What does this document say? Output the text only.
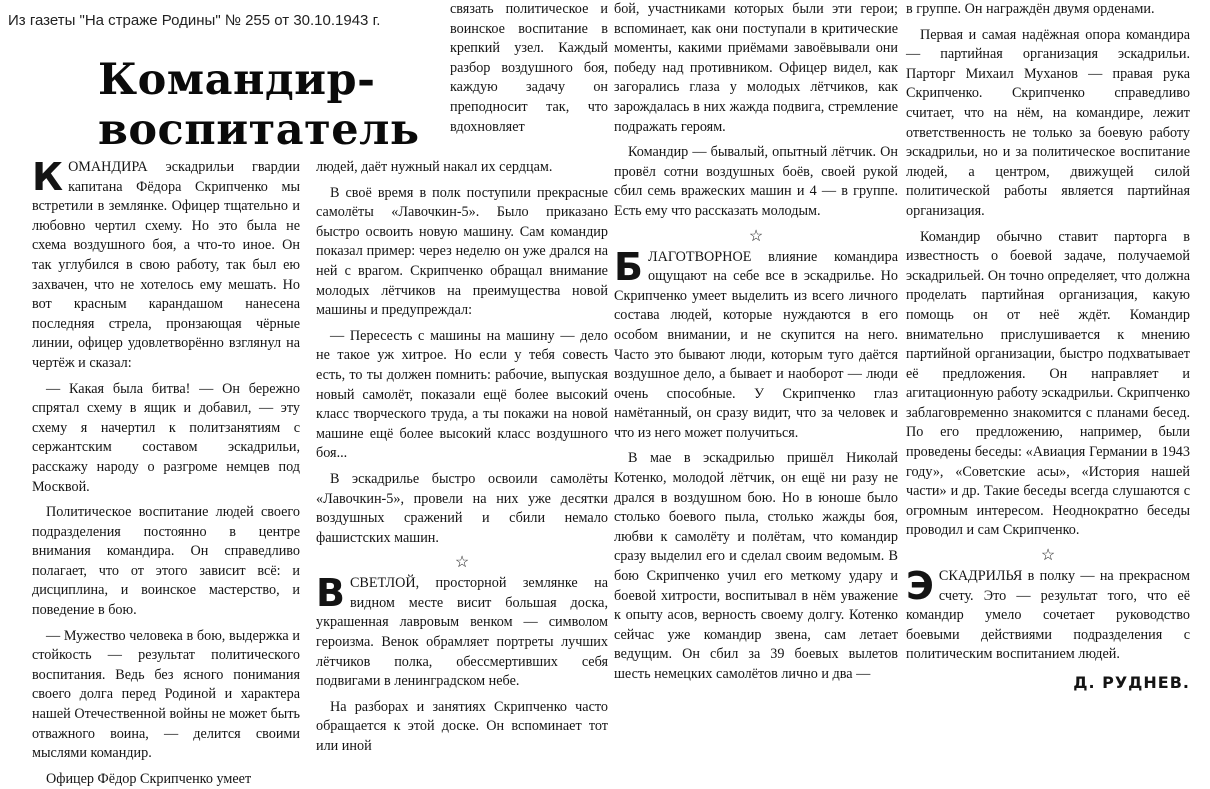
Из газеты "На страже Родины" № 255 от 30.10.1943 г.
Командир-
воспитатель

КОМАНДИРА эскадрильи гвардии капитана Фёдора Скрипченко мы встретили в землянке. Офицер тщательно и любовно чертил схему. Но это была не схема воздушного боя, а что-то иное. Он так углубился в свою работу, так был ею захвачен, что не хотелось ему мешать. Но вот красным карандашом нанесена последняя стрела, пронзающая чёрные линии, офицер удовлетворённо взглянул на чертёж и сказал:

— Какая была битва! — Он бережно спрятал схему в ящик и добавил, — эту схему я начертил к политзанятиям с сержантским составом эскадрильи, расскажу народу о разгроме немцев под Москвой.

Политическое воспитание людей своего подразделения постоянно в центре внимания командира. Он справедливо полагает, что от этого зависит всё: и дисциплина, и воинское мастерство, и поведение в бою.

— Мужество человека в бою, выдержка и стойкость — результат политического воспитания. Ведь без ясного понимания своего долга перед Родиной и характера нашей Отечественной войны не может быть отважного воина, — делится своими мыслями командир.

Офицер Фёдор Скрипченко умеет

связать политическое и воинское воспитание в крепкий узел. Каждый разбор воздушного боя, каждую задачу он преподносит так, что вдохновляет

людей, даёт нужный накал их сердцам.

В своё время в полк поступили прекрасные самолёты «Лавочкин-5». Было приказано быстро освоить новую машину. Сам командир показал пример: через неделю он уже дрался на ней с врагом. Скрипченко обращал внимание молодых лётчиков на преимущества новой машины и предупреждал:

— Пересесть с машины на машину — дело не такое уж хитрое. Но если у тебя совесть есть, то ты должен помнить: рабочие, выпуская новый самолёт, показали ещё более высокий класс творческого труда, а ты покажи на новой машине ещё более высокий класс воздушного боя...

В эскадрилье быстро освоили самолёты «Лавочкин-5», провели на них уже десятки воздушных сражений и сбили немало фашистских машин.

☆

ВСВЕТЛОЙ, просторной землянке на видном месте висит большая доска, украшенная лавровым венком — символом героизма. Венок обрамляет портреты лучших лётчиков полка, обессмертивших себя подвигами в ленинградском небе.

На разборах и занятиях Скрипченко часто обращается к этой доске. Он вспоминает тот или иной

бой, участниками которых были эти герои; вспоминает, как они поступали в критические моменты, какими приёмами завоёвывали они победу над противником. Офицер видел, как загорались глаза у молодых лётчиков, как зарождалась в них жажда подвига, стремление подражать героям.

Командир — бывалый, опытный лётчик. Он провёл сотни воздушных боёв, своей рукой сбил семь вражеских машин и 4 — в группе. Есть ему что рассказать молодым.

☆

БЛАГОТВОРНОЕ влияние командира ощущают на себе все в эскадрилье. Но Скрипченко умеет выделить из всего личного состава людей, которые нуждаются в его особом внимании, и не скупится на него. Часто это бывают люди, которым туго даётся воздушное дело, а бывает и наоборот — люди очень способные. У Скрипченко глаз намётанный, он сразу видит, что за человек и что из него может получиться.

В мае в эскадрилью пришёл Николай Котенко, молодой лётчик, он ещё ни разу не дрался в воздушном бою. Но в юноше было столько боевого пыла, столько жажды боя, любви к самолёту и полётам, что командир сразу выделил его и сделал своим ведомым. В бою Скрипченко учил его меткому удару и боевой хитрости, воспитывал в нём уважение к опыту асов, верность своему долгу. Котенко сейчас уже командир звена, сам летает ведущим. Он сбил за 39 боевых вылетов шесть немецких самолётов лично и два —

в группе. Он награждён двумя орденами.

Первая и самая надёжная опора командира — партийная организация эскадрильи. Парторг Михаил Муханов — правая рука Скрипченко. Скрипченко справедливо считает, что на нём, на командире, лежит ответственность не только за боевую работу эскадрильи, но и за политическое воспитание людей, а центром, движущей силой политической работы является партийная организация.

Командир обычно ставит парторга в известность о боевой задаче, получаемой эскадрильей. Он точно определяет, что должна проделать партийная организация, какую помощь он от неё ждёт. Командир внимательно прислушивается к мнению партийной организации, быстро подхватывает её предложения. Он направляет и агитационную работу эскадрильи. Скрипченко заблаговременно знакомится с планами бесед. По его предложению, например, были проведены беседы: «Авиация Германии в 1943 году», «Советские асы», «История нашей части» и др. Такие беседы всегда слушаются с огромным интересом. Неоднократно беседы проводил и сам Скрипченко.

☆

ЭСКАДРИЛЬЯ в полку — на прекрасном счету. Это — результат того, что её командир умело сочетает руководство боевыми действиями подразделения с политическим воспитанием людей.

Д. РУДНЕВ.
